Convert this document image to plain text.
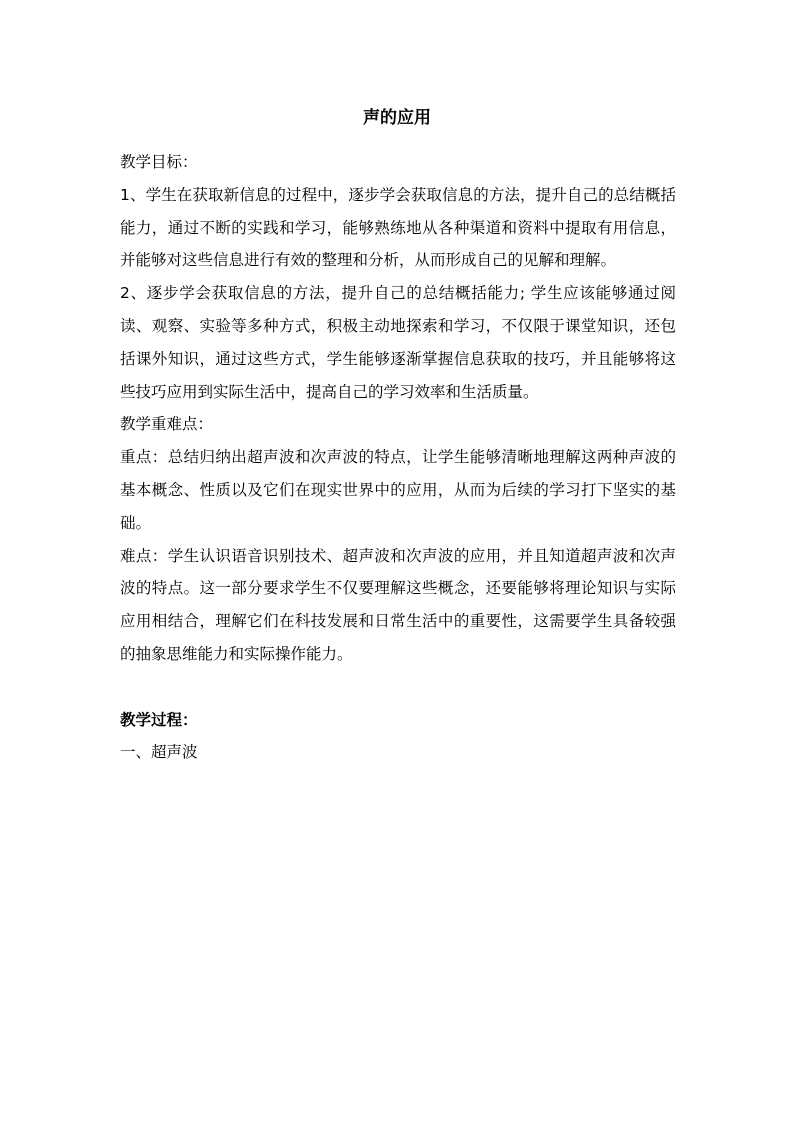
声的应用

教学目标：

1、学生在获取新信息的过程中，逐步学会获取信息的方法，提升自己的总结概括能力，通过不断的实践和学习，能够熟练地从各种渠道和资料中提取有用信息，并能够对这些信息进行有效的整理和分析，从而形成自己的见解和理解。

2、逐步学会获取信息的方法，提升自己的总结概括能力; 学生应该能够通过阅读、观察、实验等多种方式，积极主动地探索和学习，不仅限于课堂知识，还包括课外知识，通过这些方式，学生能够逐渐掌握信息获取的技巧，并且能够将这些技巧应用到实际生活中，提高自己的学习效率和生活质量。

教学重难点：

重点：总结归纳出超声波和次声波的特点，让学生能够清晰地理解这两种声波的基本概念、性质以及它们在现实世界中的应用，从而为后续的学习打下坚实的基础。

难点：学生认识语音识别技术、超声波和次声波的应用，并且知道超声波和次声波的特点。这一部分要求学生不仅要理解这些概念，还要能够将理论知识与实际应用相结合，理解它们在科技发展和日常生活中的重要性，这需要学生具备较强的抽象思维能力和实际操作能力。

教学过程：

一、超声波
